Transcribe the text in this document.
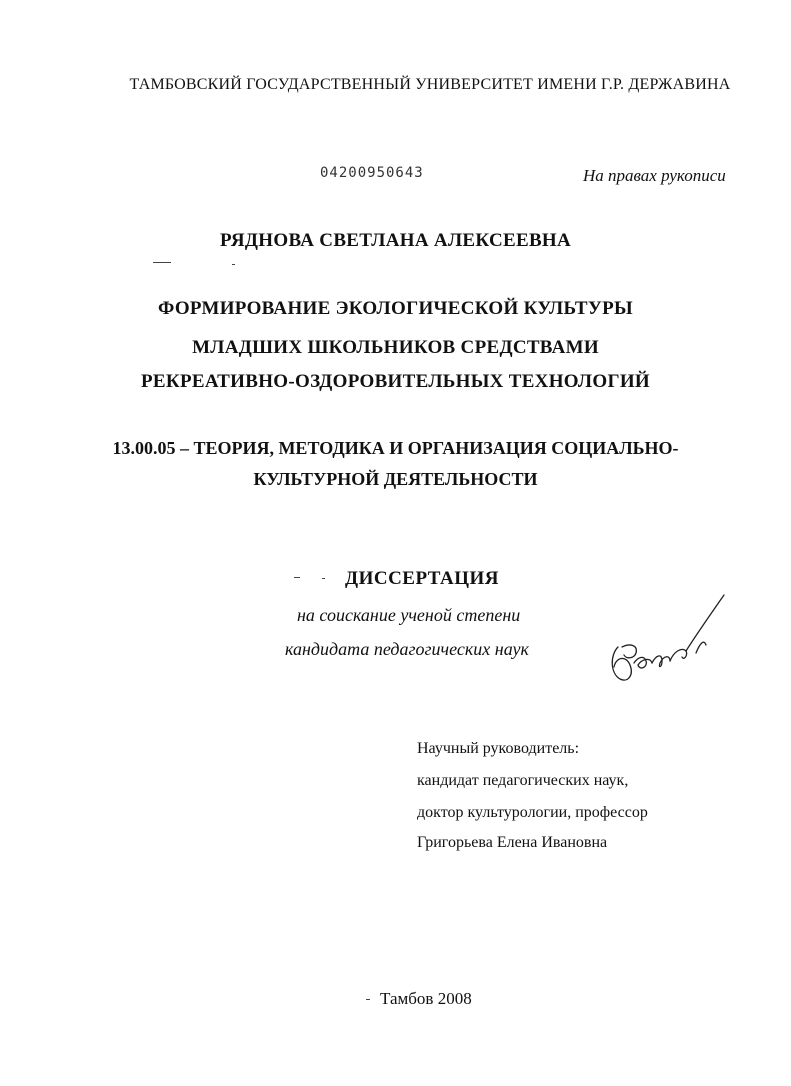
ТАМБОВСКИЙ ГОСУДАРСТВЕННЫЙ УНИВЕРСИТЕТ ИМЕНИ Г.Р. ДЕРЖАВИНА
04200950643	На правах рукописи
РЯДНОВА СВЕТЛАНА АЛЕКСЕЕВНА
ФОРМИРОВАНИЕ ЭКОЛОГИЧЕСКОЙ КУЛЬТУРЫ
МЛАДШИХ ШКОЛЬНИКОВ СРЕДСТВАМИ
РЕКРЕАТИВНО-ОЗДОРОВИТЕЛЬНЫХ ТЕХНОЛОГИЙ
13.00.05 – ТЕОРИЯ, МЕТОДИКА И ОРГАНИЗАЦИЯ СОЦИАЛЬНО-
КУЛЬТУРНОЙ ДЕЯТЕЛЬНОСТИ
ДИССЕРТАЦИЯ
на соискание ученой степени
кандидата педагогических наук
Научный руководитель:
кандидат педагогических наук,
доктор культурологии, профессор
Григорьева Елена Ивановна
Тамбов 2008
